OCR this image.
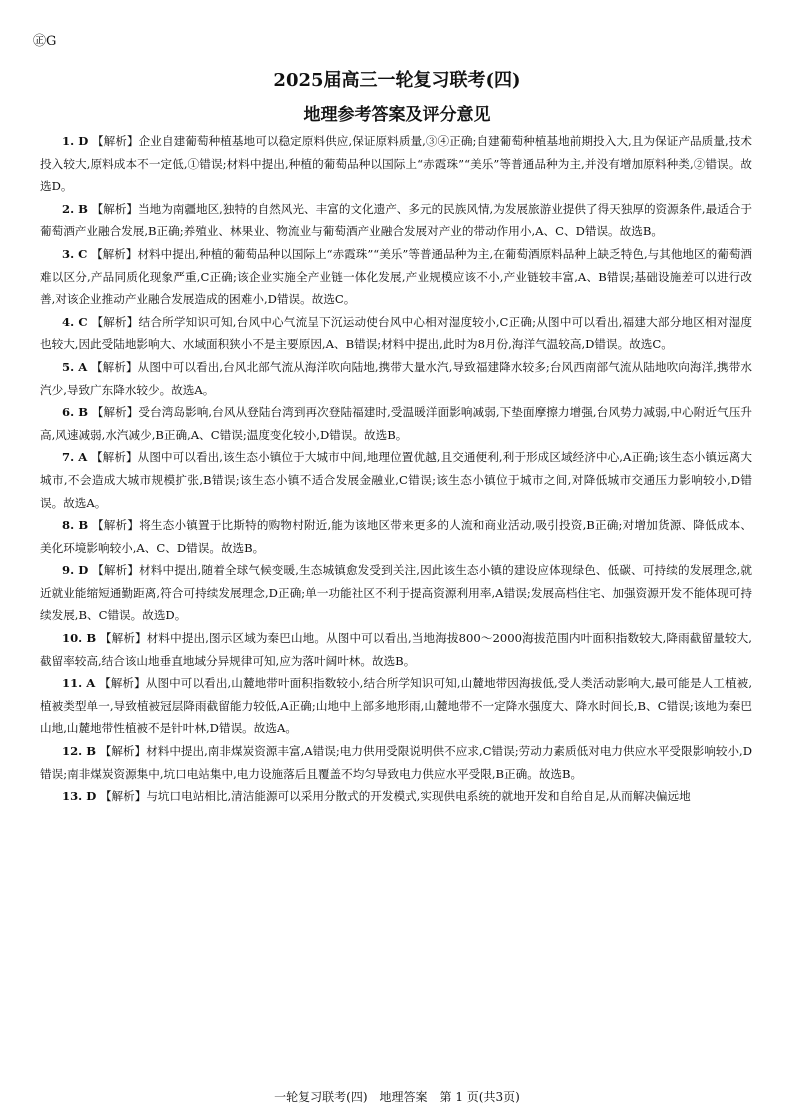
㊣G
2025届高三一轮复习联考(四)
地理参考答案及评分意见

1. D 【解析】企业自建葡萄种植基地可以稳定原料供应,保证原料质量,③④正确;自建葡萄种植基地前期投入大,且为保证产品质量,技术投入较大,原料成本不一定低,①错误;材料中提出,种植的葡萄品种以国际上“赤霞珠”“美乐”等普通品种为主,并没有增加原料种类,②错误。故选D。

2. B 【解析】当地为南疆地区,独特的自然风光、丰富的文化遗产、多元的民族风情,为发展旅游业提供了得天独厚的资源条件,最适合于葡萄酒产业融合发展,B正确;养殖业、林果业、物流业与葡萄酒产业融合发展对产业的带动作用小,A、C、D错误。故选B。

3. C 【解析】材料中提出,种植的葡萄品种以国际上“赤霞珠”“美乐”等普通品种为主,在葡萄酒原料品种上缺乏特色,与其他地区的葡萄酒难以区分,产品同质化现象严重,C正确;该企业实施全产业链一体化发展,产业规模应该不小,产业链较丰富,A、B错误;基础设施差可以进行改善,对该企业推动产业融合发展造成的困难小,D错误。故选C。

4. C 【解析】结合所学知识可知,台风中心气流呈下沉运动使台风中心相对湿度较小,C正确;从图中可以看出,福建大部分地区相对湿度也较大,因此受陆地影响大、水域面积狭小不是主要原因,A、B错误;材料中提出,此时为8月份,海洋气温较高,D错误。故选C。

5. A 【解析】从图中可以看出,台风北部气流从海洋吹向陆地,携带大量水汽,导致福建降水较多;台风西南部气流从陆地吹向海洋,携带水汽少,导致广东降水较少。故选A。

6. B 【解析】受台湾岛影响,台风从登陆台湾到再次登陆福建时,受温暖洋面影响减弱,下垫面摩擦力增强,台风势力减弱,中心附近气压升高,风速减弱,水汽减少,B正确,A、C错误;温度变化较小,D错误。故选B。

7. A 【解析】从图中可以看出,该生态小镇位于大城市中间,地理位置优越,且交通便利,利于形成区域经济中心,A正确;该生态小镇远离大城市,不会造成大城市规模扩张,B错误;该生态小镇不适合发展金融业,C错误;该生态小镇位于城市之间,对降低城市交通压力影响较小,D错误。故选A。

8. B 【解析】将生态小镇置于比斯特的购物村附近,能为该地区带来更多的人流和商业活动,吸引投资,B正确;对增加货源、降低成本、美化环境影响较小,A、C、D错误。故选B。

9. D 【解析】材料中提出,随着全球气候变暖,生态城镇愈发受到关注,因此该生态小镇的建设应体现绿色、低碳、可持续的发展理念,就近就业能缩短通勤距离,符合可持续发展理念,D正确;单一功能社区不利于提高资源利用率,A错误;发展高档住宅、加强资源开发不能体现可持续发展,B、C错误。故选D。

10. B 【解析】材料中提出,图示区域为秦巴山地。从图中可以看出,当地海拔800～2000海拔范围内叶面积指数较大,降雨截留量较大,截留率较高,结合该山地垂直地域分异规律可知,应为落叶阔叶林。故选B。

11. A 【解析】从图中可以看出,山麓地带叶面积指数较小,结合所学知识可知,山麓地带因海拔低,受人类活动影响大,最可能是人工植被,植被类型单一,导致植被冠层降雨截留能力较低,A正确;山地中上部多地形雨,山麓地带不一定降水强度大、降水时间长,B、C错误;该地为秦巴山地,山麓地带性植被不是针叶林,D错误。故选A。

12. B 【解析】材料中提出,南非煤炭资源丰富,A错误;电力供用受限说明供不应求,C错误;劳动力素质低对电力供应水平受限影响较小,D错误;南非煤炭资源集中,坑口电站集中,电力设施落后且覆盖不均匀导致电力供应水平受限,B正确。故选B。

13. D 【解析】与坑口电站相比,清洁能源可以采用分散式的开发模式,实现供电系统的就地开发和自给自足,从而解决偏远地

一轮复习联考(四)　地理答案　第 1 页(共3页)
